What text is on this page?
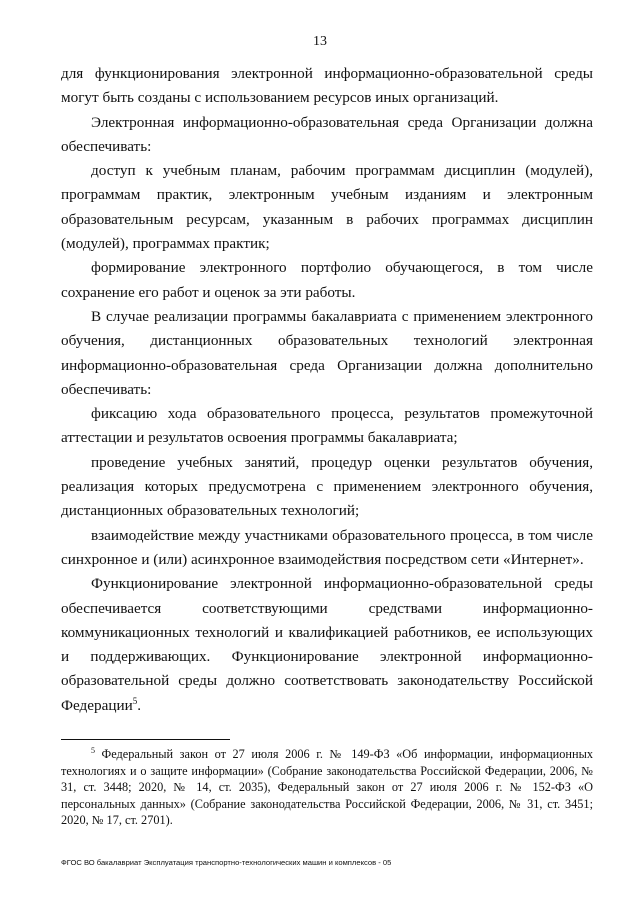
13

для функционирования электронной информационно-образовательной среды могут быть созданы с использованием ресурсов иных организаций.

Электронная информационно-образовательная среда Организации должна обеспечивать:

доступ к учебным планам, рабочим программам дисциплин (модулей), программам практик, электронным учебным изданиям и электронным образовательным ресурсам, указанным в рабочих программах дисциплин (модулей), программах практик;

формирование электронного портфолио обучающегося, в том числе сохранение его работ и оценок за эти работы.

В случае реализации программы бакалавриата с применением электронного обучения, дистанционных образовательных технологий электронная информационно-образовательная среда Организации должна дополнительно обеспечивать:

фиксацию хода образовательного процесса, результатов промежуточной аттестации и результатов освоения программы бакалавриата;

проведение учебных занятий, процедур оценки результатов обучения, реализация которых предусмотрена с применением электронного обучения, дистанционных образовательных технологий;

взаимодействие между участниками образовательного процесса, в том числе синхронное и (или) асинхронное взаимодействия посредством сети «Интернет».

Функционирование электронной информационно-образовательной среды обеспечивается соответствующими средствами информационно-коммуникационных технологий и квалификацией работников, ее использующих и поддерживающих. Функционирование электронной информационно-образовательной среды должно соответствовать законодательству Российской Федерации$^5$.

$^5$ Федеральный закон от 27 июля 2006 г. № 149-ФЗ «Об информации, информационных технологиях и о защите информации» (Собрание законодательства Российской Федерации, 2006, № 31, ст. 3448; 2020, № 14, ст. 2035), Федеральный закон от 27 июля 2006 г. № 152-ФЗ «О персональных данных» (Собрание законодательства Российской Федерации, 2006, № 31, ст. 3451; 2020, № 17, ст. 2701).

ФГОС ВО бакалавриат Эксплуатация транспортно-технологических машин и комплексов - 05
